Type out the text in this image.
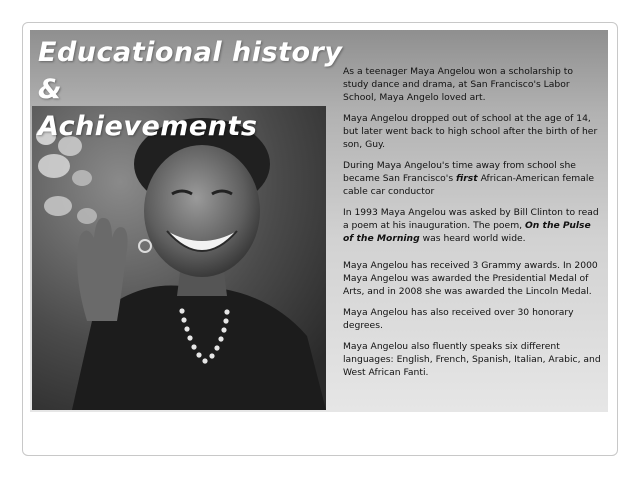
Educational history &
Achievements

As a teenager Maya Angelou won a scholarship to study dance and drama, at San Francisco's Labor School, Maya Angelo loved art.

Maya Angelou dropped out of school at the age of 14, but later went back to high school after the birth of her son, Guy.

During Maya Angelou's time away from school she became San Francisco's first African-American female cable car conductor

In 1993 Maya Angelou was asked by Bill Clinton to read a poem at his inauguration. The poem, On the Pulse of the Morning was heard world wide.

Maya Angelou has received 3 Grammy awards. In 2000 Maya Angelou was awarded the Presidential Medal of Arts, and in 2008 she was awarded the Lincoln Medal.

Maya Angelou has also received over 30 honorary degrees.

Maya Angelou also fluently speaks six different languages: English, French, Spanish, Italian, Arabic, and West African Fanti.
